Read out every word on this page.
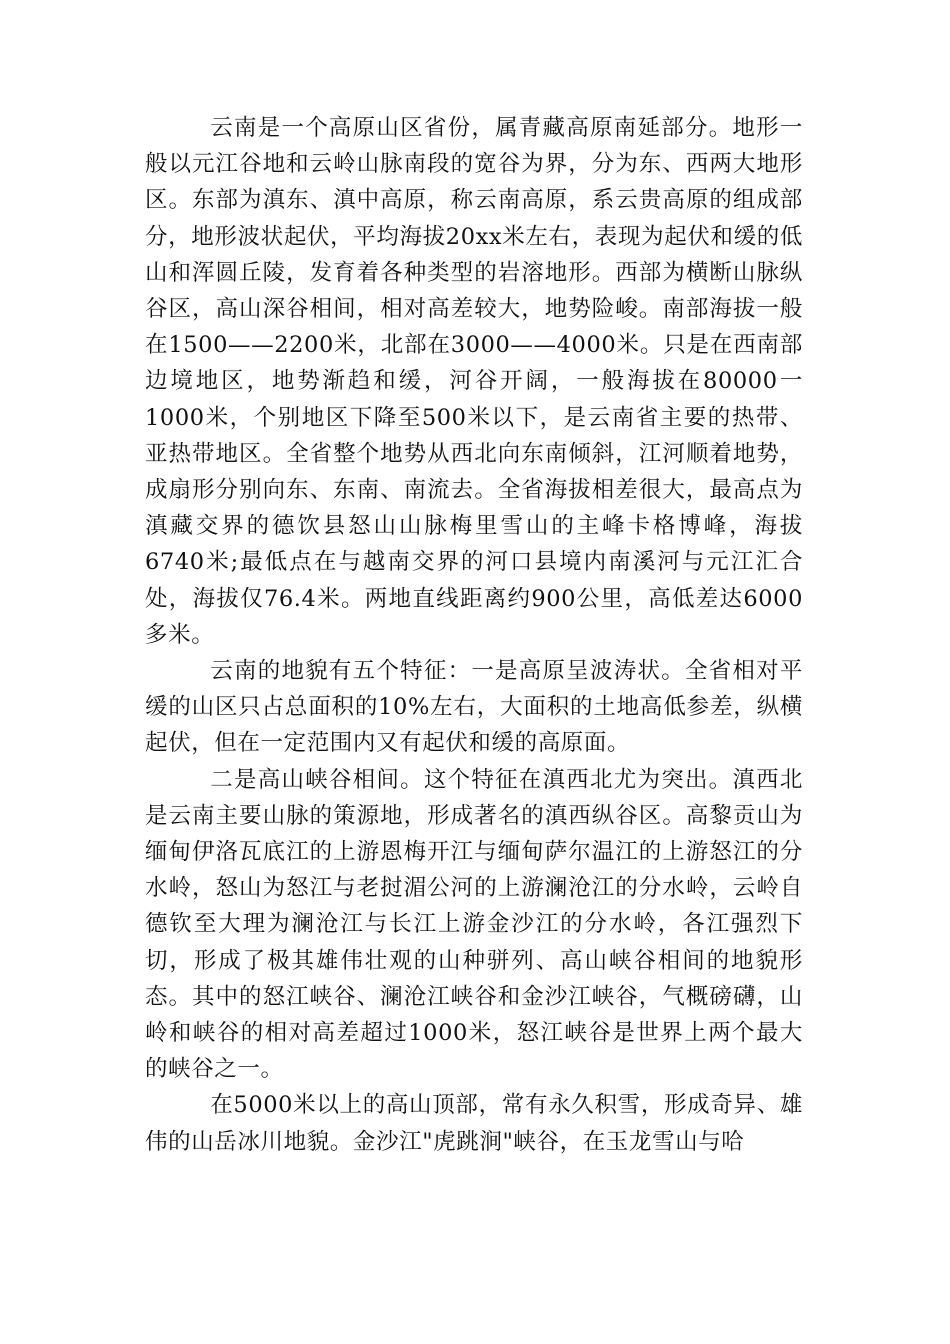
云南是一个高原山区省份，属青藏高原南延部分。地形一般以元江谷地和云岭山脉南段的宽谷为界，分为东、西两大地形区。东部为滇东、滇中高原，称云南高原，系云贵高原的组成部分，地形波状起伏，平均海拔20xx米左右，表现为起伏和缓的低山和浑圆丘陵，发育着各种类型的岩溶地形。西部为横断山脉纵谷区，高山深谷相间，相对高差较大，地势险峻。南部海拔一般在1500——2200米，北部在3000——4000米。只是在西南部边境地区，地势渐趋和缓，河谷开阔，一般海拔在80000一1000米，个别地区下降至500米以下，是云南省主要的热带、亚热带地区。全省整个地势从西北向东南倾斜，江河顺着地势，成扇形分别向东、东南、南流去。全省海拔相差很大，最高点为滇藏交界的德饮县怒山山脉梅里雪山的主峰卡格博峰，海拔6740米;最低点在与越南交界的河口县境内南溪河与元江汇合处，海拔仅76.4米。两地直线距离约900公里，高低差达6000多米。

云南的地貌有五个特征：一是高原呈波涛状。全省相对平缓的山区只占总面积的10%左右，大面积的土地高低参差，纵横起伏，但在一定范围内又有起伏和缓的高原面。

二是高山峡谷相间。这个特征在滇西北尤为突出。滇西北是云南主要山脉的策源地，形成著名的滇西纵谷区。高黎贡山为缅甸伊洛瓦底江的上游恩梅开江与缅甸萨尔温江的上游怒江的分水岭，怒山为怒江与老挝湄公河的上游澜沧江的分水岭，云岭自德钦至大理为澜沧江与长江上游金沙江的分水岭，各江强烈下切，形成了极其雄伟壮观的山种骈列、高山峡谷相间的地貌形态。其中的怒江峡谷、澜沧江峡谷和金沙江峡谷，气概磅礴，山岭和峡谷的相对高差超过1000米，怒江峡谷是世界上两个最大的峡谷之一。

在5000米以上的高山顶部，常有永久积雪，形成奇异、雄伟的山岳冰川地貌。金沙江"虎跳涧"峡谷，在玉龙雪山与哈
